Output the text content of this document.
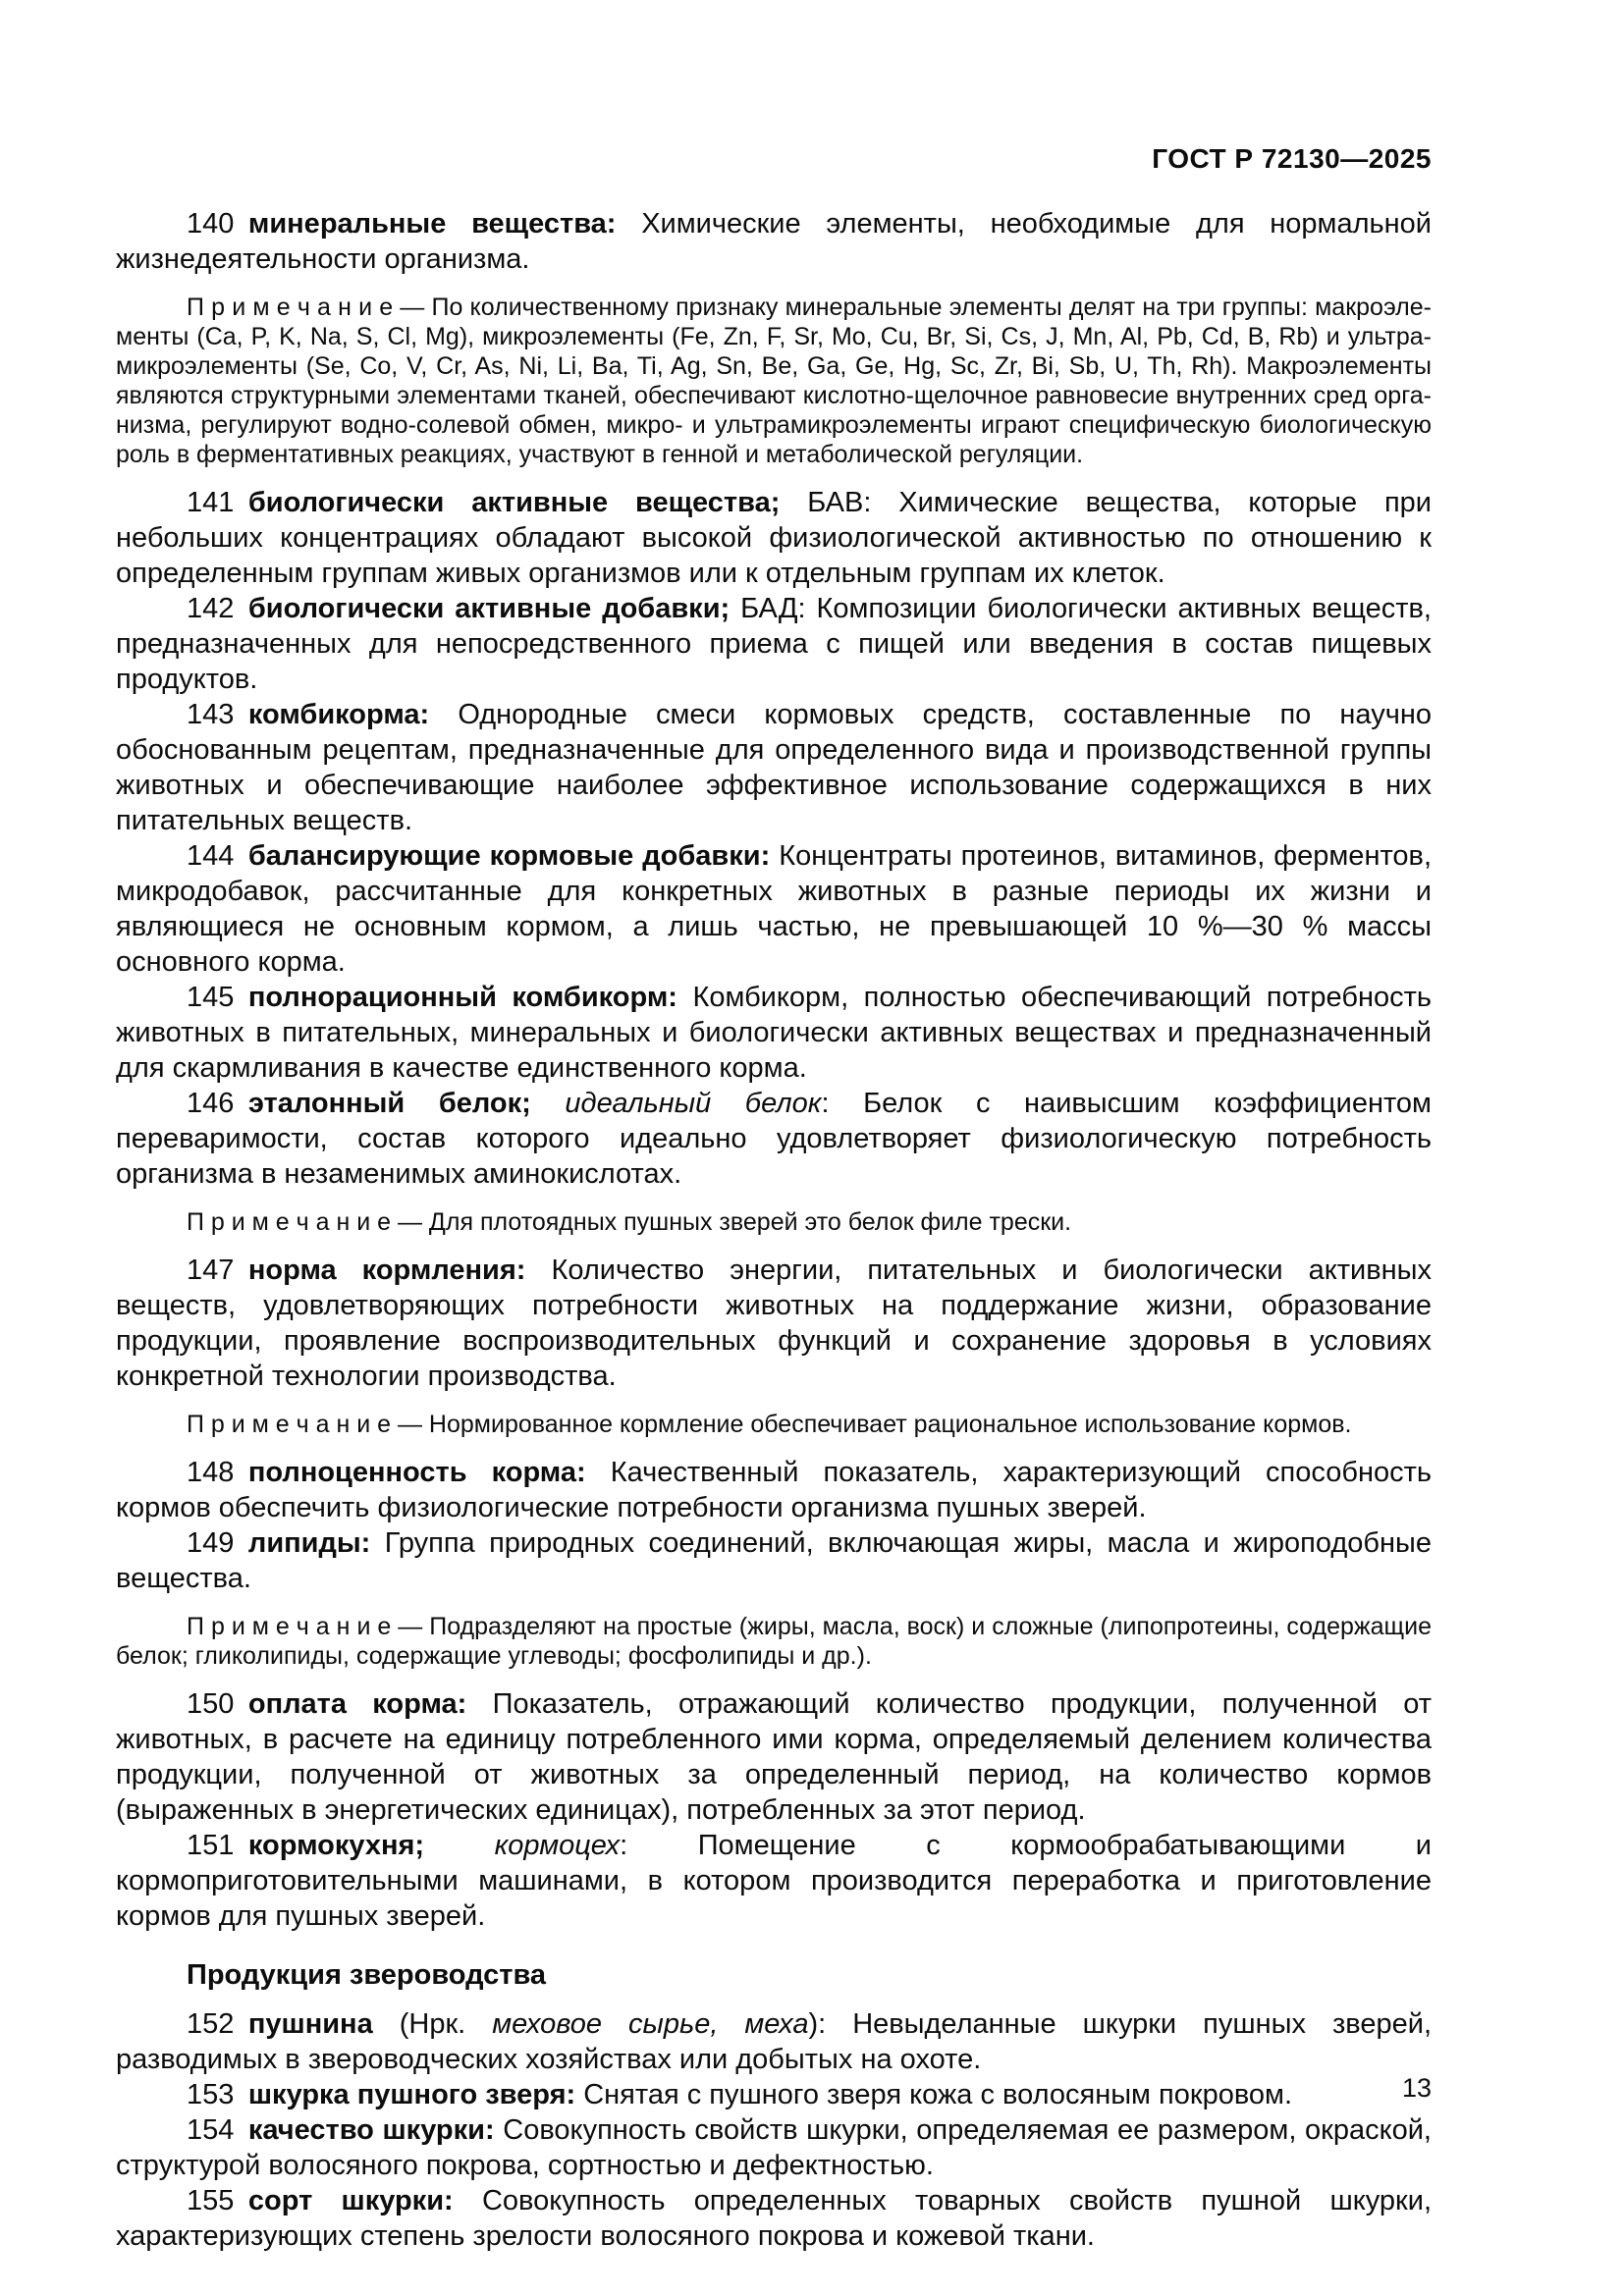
ГОСТ Р 72130—2025

140 минеральные вещества: Химические элементы, необходимые для нормальной жизнедеятельности организма.

П р и м е ч а н и е — По количественному признаку минеральные элементы делят на три группы: макроэлементы (Ca, P, K, Na, S, Cl, Mg), микроэлементы (Fe, Zn, F, Sr, Mo, Cu, Br, Si, Cs, J, Mn, Al, Pb, Cd, B, Rb) и ультрамикроэлементы (Se, Co, V, Cr, As, Ni, Li, Ba, Ti, Ag, Sn, Be, Ga, Ge, Hg, Sc, Zr, Bi, Sb, U, Th, Rh). Макроэлементы являются структурными элементами тканей, обеспечивают кислотно-щелочное равновесие внутренних сред организма, регулируют водно-солевой обмен, микро- и ультрамикроэлементы играют специфическую биологическую роль в ферментативных реакциях, участвуют в генной и метаболической регуляции.

141 биологически активные вещества; БАВ: Химические вещества, которые при небольших концентрациях обладают высокой физиологической активностью по отношению к определенным группам живых организмов или к отдельным группам их клеток.

142 биологически активные добавки; БАД: Композиции биологически активных веществ, предназначенных для непосредственного приема с пищей или введения в состав пищевых продуктов.

143 комбикорма: Однородные смеси кормовых средств, составленные по научно обоснованным рецептам, предназначенные для определенного вида и производственной группы животных и обеспечивающие наиболее эффективное использование содержащихся в них питательных веществ.

144 балансирующие кормовые добавки: Концентраты протеинов, витаминов, ферментов, микродобавок, рассчитанные для конкретных животных в разные периоды их жизни и являющиеся не основным кормом, а лишь частью, не превышающей 10 %—30 % массы основного корма.

145 полнорационный комбикорм: Комбикорм, полностью обеспечивающий потребность животных в питательных, минеральных и биологически активных веществах и предназначенный для скармливания в качестве единственного корма.

146 эталонный белок; идеальный белок: Белок с наивысшим коэффициентом переваримости, состав которого идеально удовлетворяет физиологическую потребность организма в незаменимых аминокислотах.

П р и м е ч а н и е — Для плотоядных пушных зверей это белок филе трески.

147 норма кормления: Количество энергии, питательных и биологически активных веществ, удовлетворяющих потребности животных на поддержание жизни, образование продукции, проявление воспроизводительных функций и сохранение здоровья в условиях конкретной технологии производства.

П р и м е ч а н и е — Нормированное кормление обеспечивает рациональное использование кормов.

148 полноценность корма: Качественный показатель, характеризующий способность кормов обеспечить физиологические потребности организма пушных зверей.

149 липиды: Группа природных соединений, включающая жиры, масла и жироподобные вещества.

П р и м е ч а н и е — Подразделяют на простые (жиры, масла, воск) и сложные (липопротеины, содержащие белок; гликолипиды, содержащие углеводы; фосфолипиды и др.).

150 оплата корма: Показатель, отражающий количество продукции, полученной от животных, в расчете на единицу потребленного ими корма, определяемый делением количества продукции, полученной от животных за определенный период, на количество кормов (выраженных в энергетических единицах), потребленных за этот период.

151 кормокухня; кормоцех: Помещение с кормообрабатывающими и кормоприготовительными машинами, в котором производится переработка и приготовление кормов для пушных зверей.

Продукция звероводства

152 пушнина (Нрк. меховое сырье, меха): Невыделанные шкурки пушных зверей, разводимых в звероводческих хозяйствах или добытых на охоте.

153 шкурка пушного зверя: Снятая с пушного зверя кожа с волосяным покровом.

154 качество шкурки: Совокупность свойств шкурки, определяемая ее размером, окраской, структурой волосяного покрова, сортностью и дефектностью.

155 сорт шкурки: Совокупность определенных товарных свойств пушной шкурки, характеризующих степень зрелости волосяного покрова и кожевой ткани.

13
